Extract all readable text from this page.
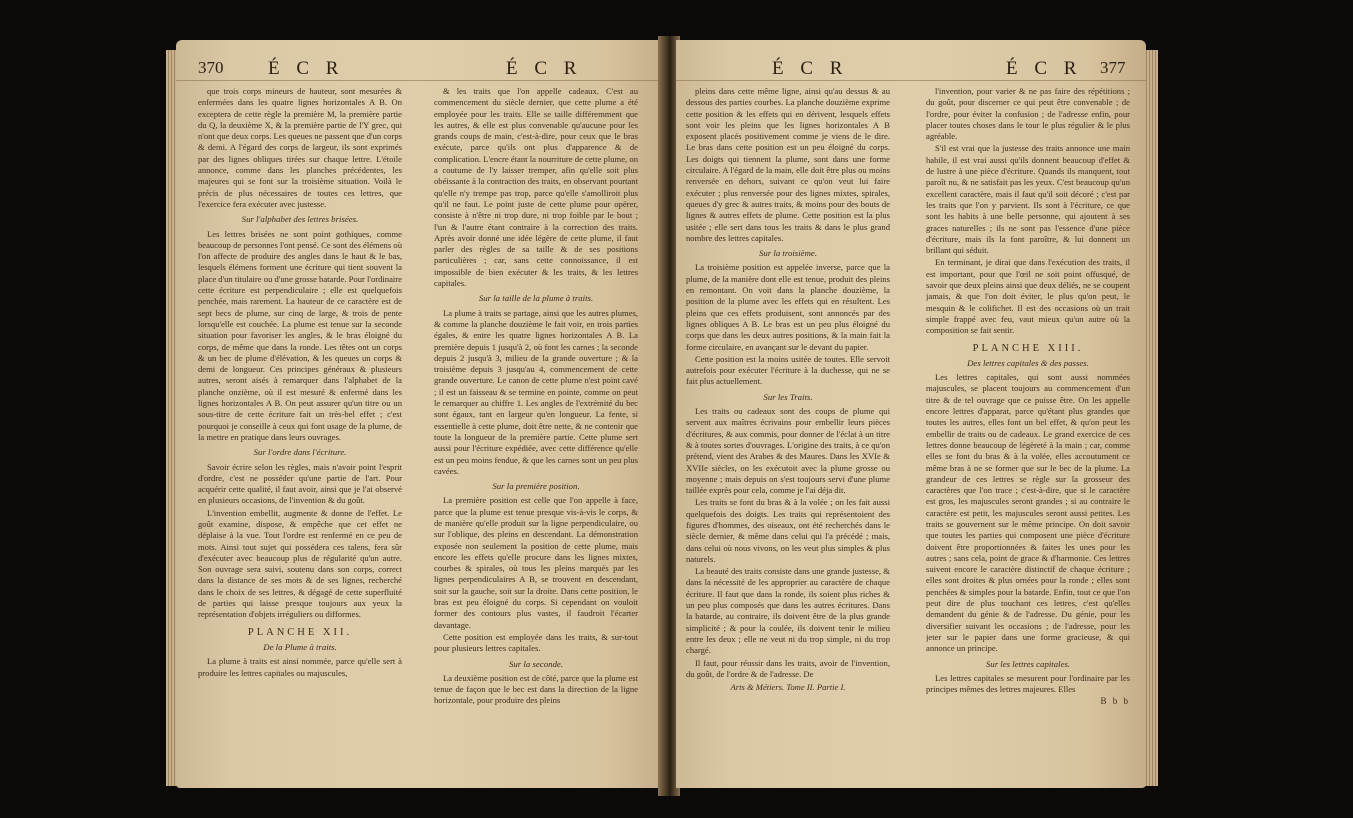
370 É C R	É C R

que trois corps mineurs de hauteur, sont mesurées & enfermées dans les quatre lignes horizontales A B. On exceptera de cette règle la première M, la première partie du Q, la deuxième X, & la première partie de l'Y grec, qui n'ont que deux corps. Les queues ne passent que d'un corps & demi. A l'égard des corps de largeur, ils sont exprimés par des lignes obliques tirées sur chaque lettre. L'étoile annonce, comme dans les planches précédentes, les majeures qui se font sur la troisième situation. Voilà le précis de plus nécessaires de toutes ces lettres, que l'exercice fera exécuter avec justesse.

Sur l'alphabet des lettres brisées.

Les lettres brisées ne sont point gothiques, comme beaucoup de personnes l'ont pensé. Ce sont des élémens où l'on affecte de produire des angles dans le haut & le bas, lesquels élémens forment une écriture qui tient souvent la place d'un titulaire ou d'une grosse batarde. Pour l'ordinaire cette écriture est perpendiculaire ; elle est quelquefois penchée, mais rarement. La hauteur de ce caractère est de sept becs de plume, sur cinq de large, & trois de pente lorsqu'elle est couchée. La plume est tenue sur la seconde situation pour favoriser les angles, & le bras éloigné du corps, de même que dans la ronde. Les têtes ont un corps & un bec de plume d'élévation, & les queues un corps & demi de longueur. Ces principes généraux & plusieurs autres, seront aisés à remarquer dans l'alphabet de la planche onzième, où il est mesuré & enfermé dans les lignes horizontales A B. On peut assurer qu'un titre ou un sous-titre de cette écriture fait un très-bel effet ; c'est pourquoi je conseille à ceux qui font usage de la plume, de la mettre en pratique dans leurs ouvrages.

Sur l'ordre dans l'écriture.

Savoir écrire selon les règles, mais n'avoir point l'esprit d'ordre, c'est ne posséder qu'une partie de l'art. Pour acquérir cette qualité, il faut avoir, ainsi que je l'ai observé en plusieurs occasions, de l'invention & du goût.

L'invention embellit, augmente & donne de l'effet. Le goût examine, dispose, & empêche que cet effet ne déplaise à la vue. Tout l'ordre est renfermé en ce peu de mots. Ainsi tout sujet qui possédera ces talens, fera sûr d'exécuter avec beaucoup plus de régularité qu'un autre. Son ouvrage sera suivi, soutenu dans son corps, correct dans la distance de ses mots & de ses lignes, recherché dans le choix de ses lettres, & dégagé de cette superfluité de parties qui laisse presque toujours aux yeux la représentation d'objets irréguliers ou difformes.

PLANCHE XII.
De la Plume à traits.

La plume à traits est ainsi nommée, parce qu'elle sert à produire les lettres capitales ou majuscules,

& les traits que l'on appelle cadeaux. C'est au commencement du siècle dernier, que cette plume a été employée pour les traits. Elle se taille différemment que les autres, & elle est plus convenable qu'aucune pour les grands coups de main, c'est-à-dire, pour ceux que le bras exécute, parce qu'ils ont plus d'apparence & de complication. L'encre étant la nourriture de cette plume, on a coutume de l'y laisser tremper, afin qu'elle soit plus obéissante à la contraction des traits, en observant pourtant qu'elle n'y trempe pas trop, parce qu'elle s'amolliroit plus qu'il ne faut. Le point juste de cette plume pour opérer, consiste à n'être ni trop dure, ni trop foible par le bout ; l'un & l'autre étant contraire à la correction des traits. Après avoir donné une idée légère de cette plume, il faut parler des règles de sa taille & de ses positions particulières ; car, sans cette connoissance, il est impossible de bien exécuter & les traits, & les lettres capitales.

Sur la taille de la plume à traits.

La plume à traits se partage, ainsi que les autres plumes, & comme la planche douzième le fait voir, en trois parties égales, & entre les quatre lignes horizontales A B. La première depuis 1 jusqu'à 2, où font les carnes ; la seconde depuis 2 jusqu'à 3, milieu de la grande ouverture ; & la troisième depuis 3 jusqu'au 4, commencement de cette grande ouverture. Le canon de cette plume n'est point cavé ; il est un faisseau & se termine en pointe, comme on peut le remarquer au chiffre 1. Les angles de l'extrémité du bec sont égaux, tant en largeur qu'en longueur. La fente, si essentielle à cette plume, doit être nette, & ne contenir que toute la longueur de la première partie. Cette plume sert aussi pour l'écriture expédiée, avec cette différence qu'elle est un peu moins fendue, & que les carnes sont un peu plus cavées.

Sur la première position.

La première position est celle que l'on appelle à face, parce que la plume est tenue presque vis-à-vis le corps, & de manière qu'elle produit sur la ligne perpendiculaire, ou sur l'oblique, des pleins en descendant. La démonstration exposée non seulement la position de cette plume, mais encore les effets qu'elle procure dans les lignes mixtes, courbes & spirales, où tous les pleins marqués par les lignes perpendiculaires A B, se trouvent en descendant, soit sur la gauche, soit sur la droite. Dans cette position, le bras est peu éloigné du corps. Si cependant on vouloit former des contours plus vastes, il faudroit l'écarter davantage.

Cette position est employée dans les traits, & sur-tout pour plusieurs lettres capitales.

Sur la seconde.

La deuxième position est de côté, parce que la plume est tenue de façon que le bec est dans la direction de la ligne horizontale, pour produire des pleins

É C R	É C R 377

pleins dans cette même ligne, ainsi qu'au dessus & au dessous des parties courbes. La planche douzième exprime cette position & les effets qui en dérivent, lesquels effets sont voir les pleins que les lignes horizontales A B exposent placés positivement comme je viens de le dire. Le bras dans cette position est un peu éloigné du corps. Les doigts qui tiennent la plume, sont dans une forme circulaire. A l'égard de la main, elle doit être plus ou moins renversée en dehors, suivant ce qu'on veut lui faire exécuter ; plus renversée pour des lignes mixtes, spirales, queues d'y grec & autres traits, & moins pour des bouts de lignes & autres effets de plume. Cette position est la plus usitée ; elle sert dans tous les traits & dans le plus grand nombre des lettres capitales.

Sur la troisième.

La troisième position est appelée inverse, parce que la plume, de la manière dont elle est tenue, produit des pleins en remontant. On voit dans la planche douzième, la position de la plume avec les effets qui en résultent. Les pleins que ces effets produisent, sont annoncés par des lignes obliques A B. Le bras est un peu plus éloigné du corps que dans les deux autres positions, & la main fait la forme circulaire, en avançant sur le devant du papier.

Cette position est la moins usitée de toutes. Elle servoit autrefois pour exécuter l'écriture à la duchesse, qui ne se fait plus actuellement.

Sur les Traits.

Les traits ou cadeaux sont des coups de plume qui servent aux maîtres écrivains pour embellir leurs pièces d'écritures, & aux commis, pour donner de l'éclat à un titre & à toutes sortes d'ouvrages. L'origine des traits, à ce qu'on prétend, vient des Arabes & des Maures. Dans les XVIe & XVIIe siècles, on les exécutoit avec la plume grosse ou moyenne ; mais depuis on s'est toujours servi d'une plume taillée exprès pour cela, comme je l'ai déja dit.

Les traits se font du bras & à la volée ; on les fait aussi quelquefois des doigts. Les traits qui représentoient des figures d'hommes, des oiseaux, ont été recherchés dans le siècle dernier, & même dans celui qui l'a précédé ; mais, dans celui où nous vivons, on les veut plus simples & plus naturels.

La beauté des traits consiste dans une grande justesse, & dans la nécessité de les approprier au caractère de chaque écriture. Il faut que dans la ronde, ils soient plus riches & un peu plus composés que dans les autres écritures. Dans la batarde, au contraire, ils doivent être de la plus grande simplicité ; & pour la coulée, ils doivent tenir le milieu entre les deux ; elle ne veut ni du trop simple, ni du trop chargé.

Il faut, pour réussir dans les traits, avoir de l'invention, du goût, de l'ordre & de l'adresse. De

Arts & Métiers. Tome II. Partie I.

l'invention, pour varier & ne pas faire des répétitions ; du goût, pour discerner ce qui peut être convenable ; de l'ordre, pour éviter la confusion ; de l'adresse enfin, pour placer toutes choses dans le tour le plus régulier & le plus agréable.

S'il est vrai que la justesse des traits annonce une main habile, il est vrai aussi qu'ils donnent beaucoup d'effet & de lustre à une pièce d'écriture. Quands ils manquent, tout paroît nu, & ne satisfait pas les yeux. C'est beaucoup qu'un excellent caractère, mais il faut qu'il soit décoré ; c'est par les traits que l'on y parvient. Ils sont à l'écriture, ce que sont les habits à une belle personne, qui ajoutent à ses graces naturelles ; ils ne sont pas l'essence d'une pièce d'écriture, mais ils la font paroître, & lui donnent un brillant qui séduit.

En terminant, je dirai que dans l'exécution des traits, il est important, pour que l'œil ne soit point offusqué, de savoir que deux pleins ainsi que deux déliés, ne se coupent jamais, & que l'on doit éviter, le plus qu'on peut, le mesquin & le colifichet. Il est des occasions où un trait simple frappé avec feu, vaut mieux qu'un autre où la composition se fait sentir.

PLANCHE XIII.
Des lettres capitales & des passes.

Les lettres capitales, qui sont aussi nommées majuscules, se placent toujours au commencement d'un titre & de tel ouvrage que ce puisse être. On les appelle encore lettres d'apparat, parce qu'étant plus grandes que toutes les autres, elles font un bel effet, & qu'on peut les embellir de traits ou de cadeaux. Le grand exercice de ces lettres donne beaucoup de légèreté à la main ; car, comme elles se font du bras & à la volée, elles accoutument ce même bras à ne se former que sur le bec de la plume. La grandeur de ces lettres se règle sur la grosseur des caractères que l'on trace ; c'est-à-dire, que si le caractère est gros, les majuscules seront grandes ; si au contraire le caractère est petit, les majuscules seront aussi petites. Les traits se gouvernent sur le même principe. On doit savoir que toutes les parties qui composent une pièce d'écriture doivent être proportionnées & faites les unes pour les autres ; sans cela, point de grace & d'harmonie. Ces lettres suivent encore le caractère distinctif de chaque écriture ; elles sont droites & plus ornées pour la ronde ; elles sont penchées & simples pour la batarde. Enfin, tout ce que l'on peut dire de plus touchant ces lettres, c'est qu'elles demandent du génie & de l'adresse. Du génie, pour les diversifier suivant les occasions ; de l'adresse, pour les jeter sur le papier dans une forme gracieuse, & qui annonce un principe.

Sur les lettres capitales.

Les lettres capitales se mesurent pour l'ordinaire par les principes mêmes des lettres majeures. Elles

B b b
